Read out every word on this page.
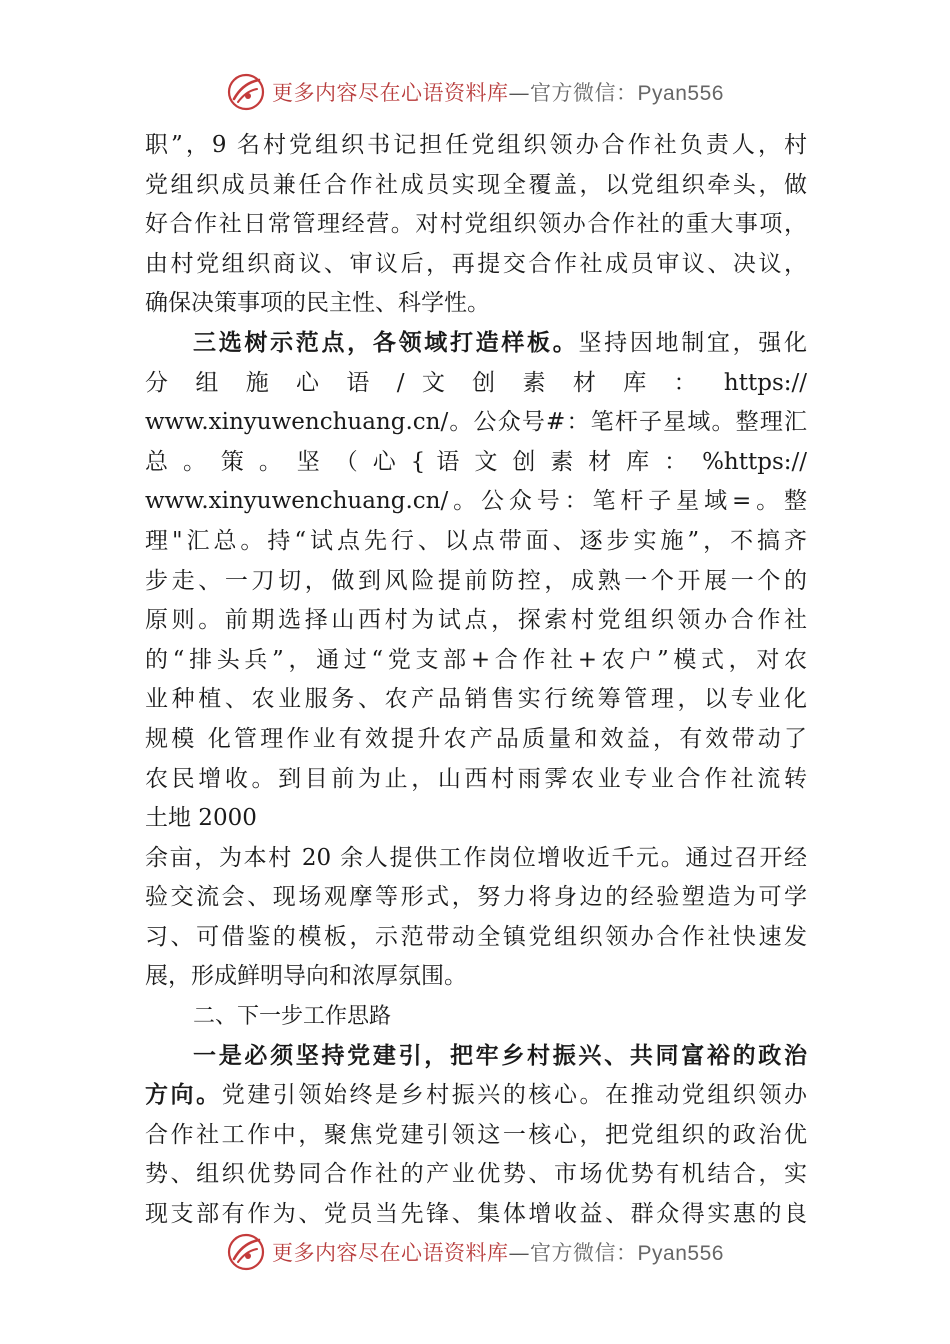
更多内容尽在心语资料库—官方微信：Pyan556
职”，9 名村党组织书记担任党组织领办合作社负责人，村
党组织成员兼任合作社成员实现全覆盖，以党组织牵头，做
好合作社日常管理经营。对村党组织领办合作社的重大事项，
由村党组织商议、审议后，再提交合作社成员审议、决议，
确保决策事项的民主性、科学性。
三选树示范点，各领域打造样板。坚持因地制宜，强化
分 组 施 心 语 / 文 创 素 材 库 ： https://
www.xinyuwenchuang.cn/。公众号#：笔杆子星域。整理汇
总 。 策 。 坚 （ 心 { 语 文 创 素 材 库 ： %https://
www.xinyuwenchuang.cn/。公众号：笔杆子星域=。整
理"汇总。持“试点先行、以点带面、逐步实施”，不搞齐
步走、一刀切，做到风险提前防控，成熟一个开展一个的
原则。前期选择山西村为试点，探索村党组织领办合作社
的“排头兵”，通过“党支部+合作社+农户”模式，对农
业种植、农业服务、农产品销售实行统筹管理，以专业化
规模 化管理作业有效提升农产品质量和效益，有效带动了
农民增收。到目前为止，山西村雨霁农业专业合作社流转
土地 2000
余亩，为本村 20 余人提供工作岗位增收近千元。通过召开经
验交流会、现场观摩等形式，努力将身边的经验塑造为可学
习、可借鉴的模板，示范带动全镇党组织领办合作社快速发
展，形成鲜明导向和浓厚氛围。
二、下一步工作思路
一是必须坚持党建引，把牢乡村振兴、共同富裕的政治
方向。党建引领始终是乡村振兴的核心。在推动党组织领办
合作社工作中，聚焦党建引领这一核心，把党组织的政治优
势、组织优势同合作社的产业优势、市场优势有机结合，实
现支部有作为、党员当先锋、集体增收益、群众得实惠的良
更多内容尽在心语资料库—官方微信：Pyan556
